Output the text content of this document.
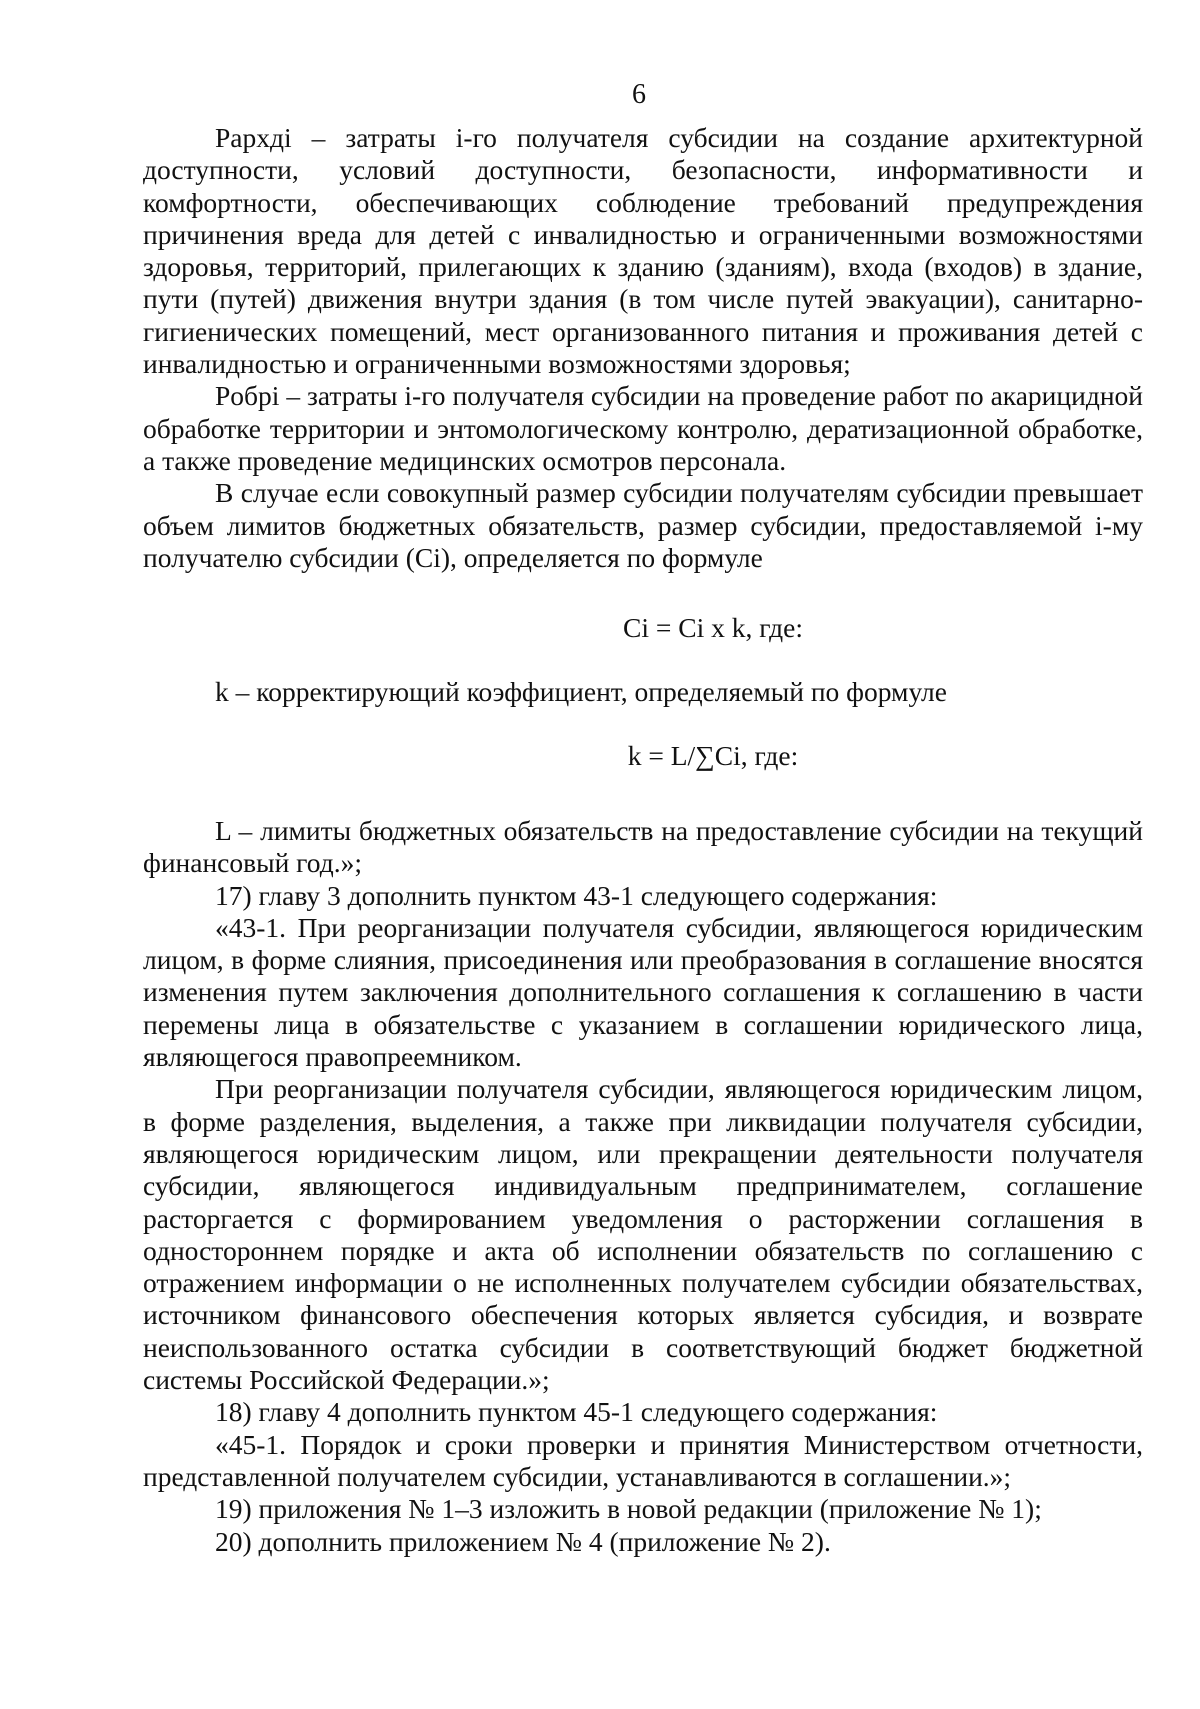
6

Pархдi – затраты i-го получателя субсидии на создание архитектурной доступности, условий доступности, безопасности, информативности и комфортности, обеспечивающих соблюдение требований предупреждения причинения вреда для детей с инвалидностью и ограниченными возможностями здоровья, территорий, прилегающих к зданию (зданиям), входа (входов) в здание, пути (путей) движения внутри здания (в том числе путей эвакуации), санитарно-гигиенических помещений, мест организованного питания и проживания детей с инвалидностью и ограниченными возможностями здоровья;

Pобрi – затраты i-го получателя субсидии на проведение работ по акарицидной обработке территории и энтомологическому контролю, дератизационной обработке, а также проведение медицинских осмотров персонала.

В случае если совокупный размер субсидии получателям субсидии превышает объем лимитов бюджетных обязательств, размер субсидии, предоставляемой i-му получателю субсидии (Ci), определяется по формуле

Ci = Ci x k, где:
k – корректирующий коэффициент, определяемый по формуле
k = L/∑Ci, где:

L – лимиты бюджетных обязательств на предоставление субсидии на текущий финансовый год.»;

17) главу 3 дополнить пунктом 43-1 следующего содержания:

«43-1. При реорганизации получателя субсидии, являющегося юридическим лицом, в форме слияния, присоединения или преобразования в соглашение вносятся изменения путем заключения дополнительного соглашения к соглашению в части перемены лица в обязательстве с указанием в соглашении юридического лица, являющегося правопреемником.

При реорганизации получателя субсидии, являющегося юридическим лицом, в форме разделения, выделения, а также при ликвидации получателя субсидии, являющегося юридическим лицом, или прекращении деятельности получателя субсидии, являющегося индивидуальным предпринимателем, соглашение расторгается с формированием уведомления о расторжении соглашения в одностороннем порядке и акта об исполнении обязательств по соглашению с отражением информации о не исполненных получателем субсидии обязательствах, источником финансового обеспечения которых является субсидия, и возврате неиспользованного остатка субсидии в соответствующий бюджет бюджетной системы Российской Федерации.»;

18) главу 4 дополнить пунктом 45-1 следующего содержания:

«45-1. Порядок и сроки проверки и принятия Министерством отчетности, представленной получателем субсидии, устанавливаются в соглашении.»;

19) приложения № 1–3 изложить в новой редакции (приложение № 1);

20) дополнить приложением № 4 (приложение № 2).
